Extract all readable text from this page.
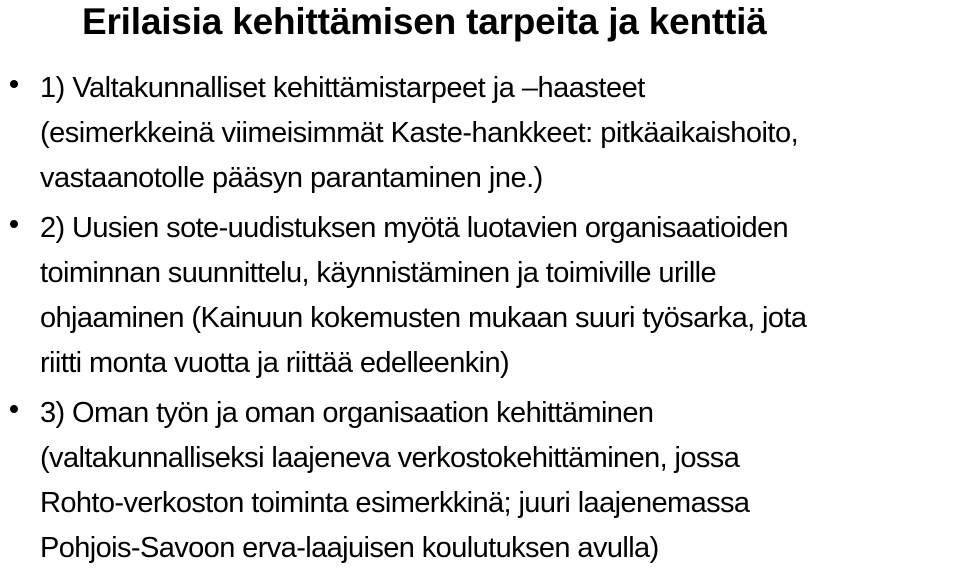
Erilaisia kehittämisen tarpeita ja kenttiä
1) Valtakunnalliset kehittämistarpeet ja –haasteet
(esimerkkeinä viimeisimmät Kaste-hankkeet: pitkäaikaishoito,
vastaanotolle pääsyn parantaminen jne.)
2) Uusien sote-uudistuksen myötä luotavien organisaatioiden
toiminnan suunnittelu, käynnistäminen ja toimiville urille
ohjaaminen (Kainuun kokemusten mukaan suuri työsarka, jota
riitti monta vuotta ja riittää edelleenkin)
3) Oman työn ja oman organisaation kehittäminen
(valtakunnalliseksi laajeneva verkostokehittäminen, jossa
Rohto-verkoston toiminta esimerkkinä; juuri laajenemassa
Pohjois-Savoon erva-laajuisen koulutuksen avulla)
